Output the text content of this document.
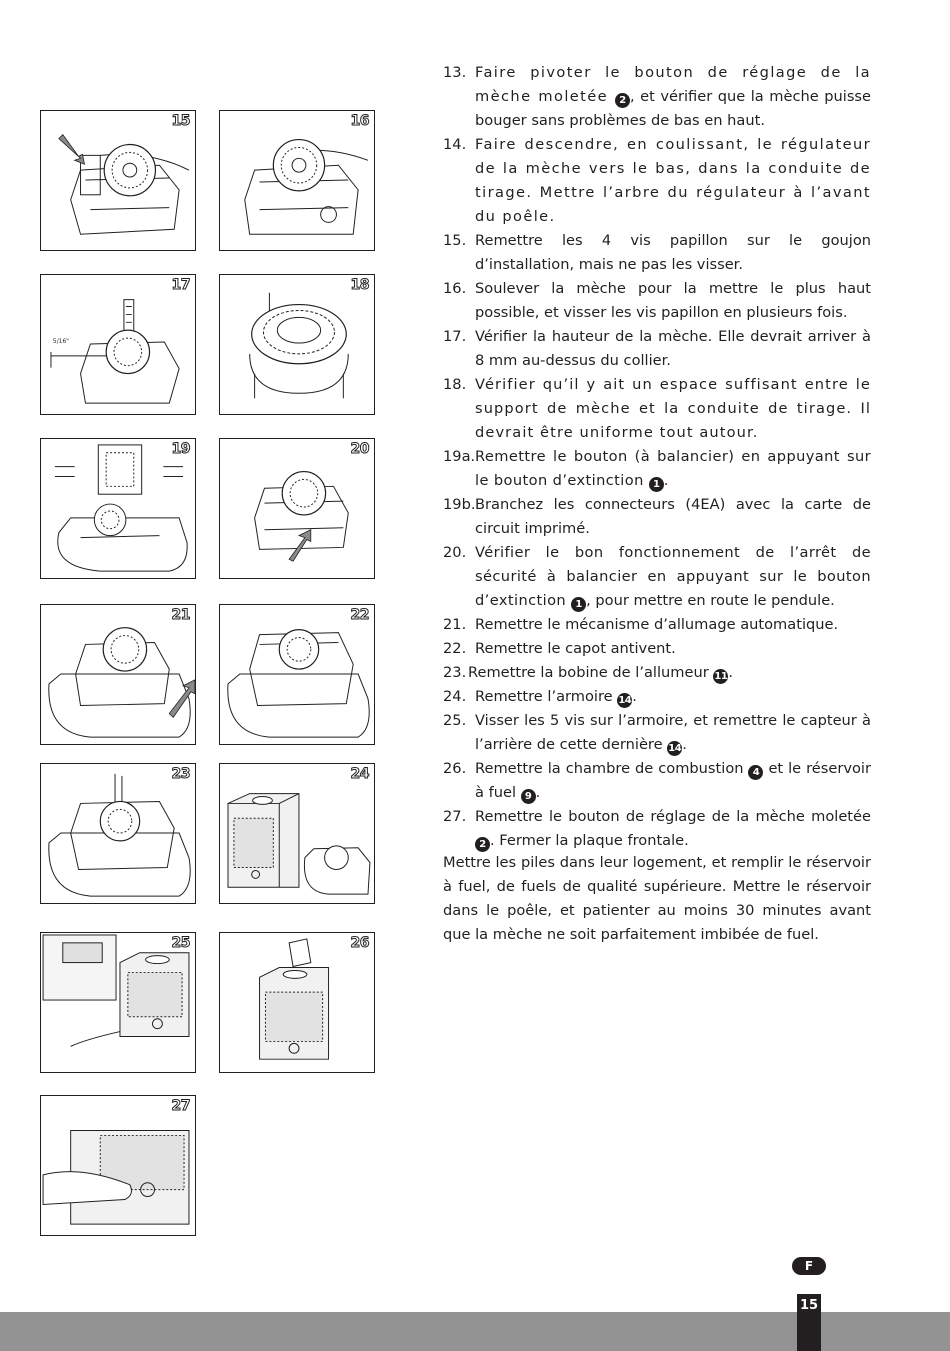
15	16
5/16"
17	18
19	20
21	22
23	24
25	26
27
13. Faire pivoter le bouton de réglage de la mèche moletée 2 , et vérifier que la mèche puisse bouger sans problèmes de bas en haut.
14. Faire descendre, en coulissant, le régulateur de la mèche vers le bas, dans la conduite de tirage. Mettre l’arbre du régulateur à l’avant du poêle.
15. Remettre les 4 vis papillon sur le goujon d’installation, mais ne pas les visser.
16. Soulever la mèche pour la mettre le plus haut possible, et visser les vis papillon en plusieurs fois.
17. Vérifier la hauteur de la mèche. Elle devrait arriver à 8 mm au-dessus du collier.
18. Vérifier qu’il y ait un espace suffisant entre le support de mèche et la conduite de tirage. Il devrait être uniforme tout autour.
19a. Remettre le bouton (à balancier) en appuyant sur le bouton d’extinction 1 .
19b. Branchez les connecteurs (4EA) avec la carte de circuit imprimé.
20. Vérifier le bon fonctionnement de l’arrêt de sécurité à balancier en appuyant sur le bouton d’extinction 1 , pour mettre en route le pendule.
21. Remettre le mécanisme d’allumage automatique.
22. Remettre le capot antivent.
23. Remettre la bobine de l’allumeur 11.
24. Remettre l’armoire 14.
25. Visser les 5 vis sur l’armoire, et remettre le capteur à l’arrière de cette dernière 14.
26. Remettre la chambre de combustion 4 et le réservoir à fuel 9 .
27. Remettre le bouton de réglage de la mèche moletée 2 . Fermer la plaque frontale.

Mettre les piles dans leur logement, et remplir le réservoir à fuel, de fuels de qualité supérieure. Mettre le réservoir dans le poêle, et patienter au moins 30 minutes avant que la mèche ne soit parfaitement imbibée de fuel.

F
15
